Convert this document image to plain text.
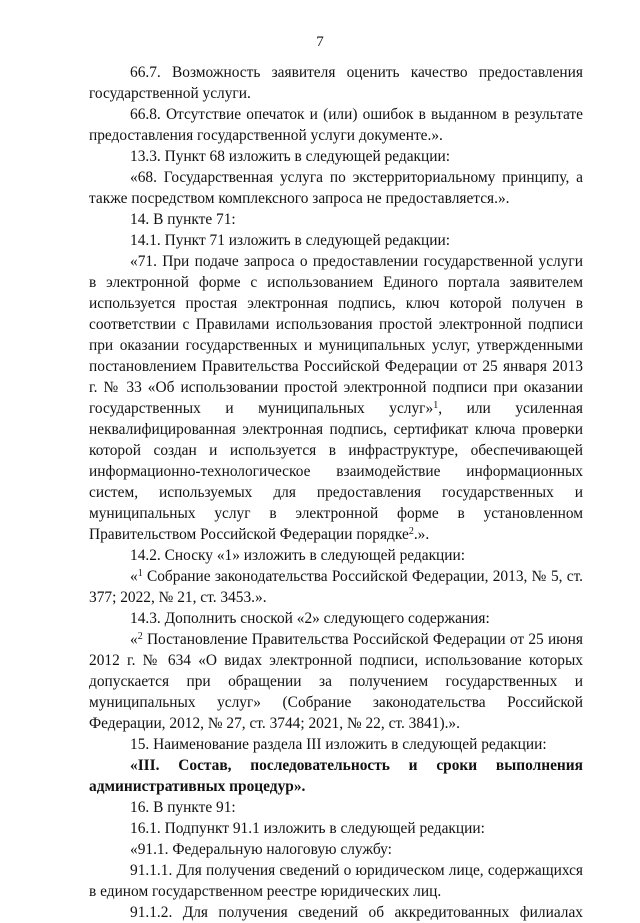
7

66.7. Возможность заявителя оценить качество предоставления государственной услуги.

66.8. Отсутствие опечаток и (или) ошибок в выданном в результате предоставления государственной услуги документе.».

13.3. Пункт 68 изложить в следующей редакции:

«68. Государственная услуга по экстерриториальному принципу, а также посредством комплексного запроса не предоставляется.».

14. В пункте 71:

14.1. Пункт 71 изложить в следующей редакции:

«71. При подаче запроса о предоставлении государственной услуги в электронной форме с использованием Единого портала заявителем используется простая электронная подпись, ключ которой получен в соответствии с Правилами использования простой электронной подписи при оказании государственных и муниципальных услуг, утвержденными постановлением Правительства Российской Федерации от 25 января 2013 г. № 33 «Об использовании простой электронной подписи при оказании государственных и муниципальных услуг»$^1$, или усиленная неквалифицированная электронная подпись, сертификат ключа проверки которой создан и используется в инфраструктуре, обеспечивающей информационно-технологическое взаимодействие информационных систем, используемых для предоставления государственных и муниципальных услуг в электронной форме в установленном Правительством Российской Федерации порядке$^2$.».

14.2. Сноску «1» изложить в следующей редакции:

«$^1$ Собрание законодательства Российской Федерации, 2013, № 5, ст. 377; 2022, № 21, ст. 3453.».

14.3. Дополнить сноской «2» следующего содержания:

«$^2$ Постановление Правительства Российской Федерации от 25 июня 2012 г. № 634 «О видах электронной подписи, использование которых допускается при обращении за получением государственных и муниципальных услуг» (Собрание законодательства Российской Федерации, 2012, № 27, ст. 3744; 2021, № 22, ст. 3841).».

15. Наименование раздела III изложить в следующей редакции:

«III. Состав, последовательность и сроки выполнения административных процедур».

16. В пункте 91:

16.1. Подпункт 91.1 изложить в следующей редакции:

«91.1. Федеральную налоговую службу:

91.1.1. Для получения сведений о юридическом лице, содержащихся в едином государственном реестре юридических лиц.

91.1.2. Для получения сведений об аккредитованных филиалах
